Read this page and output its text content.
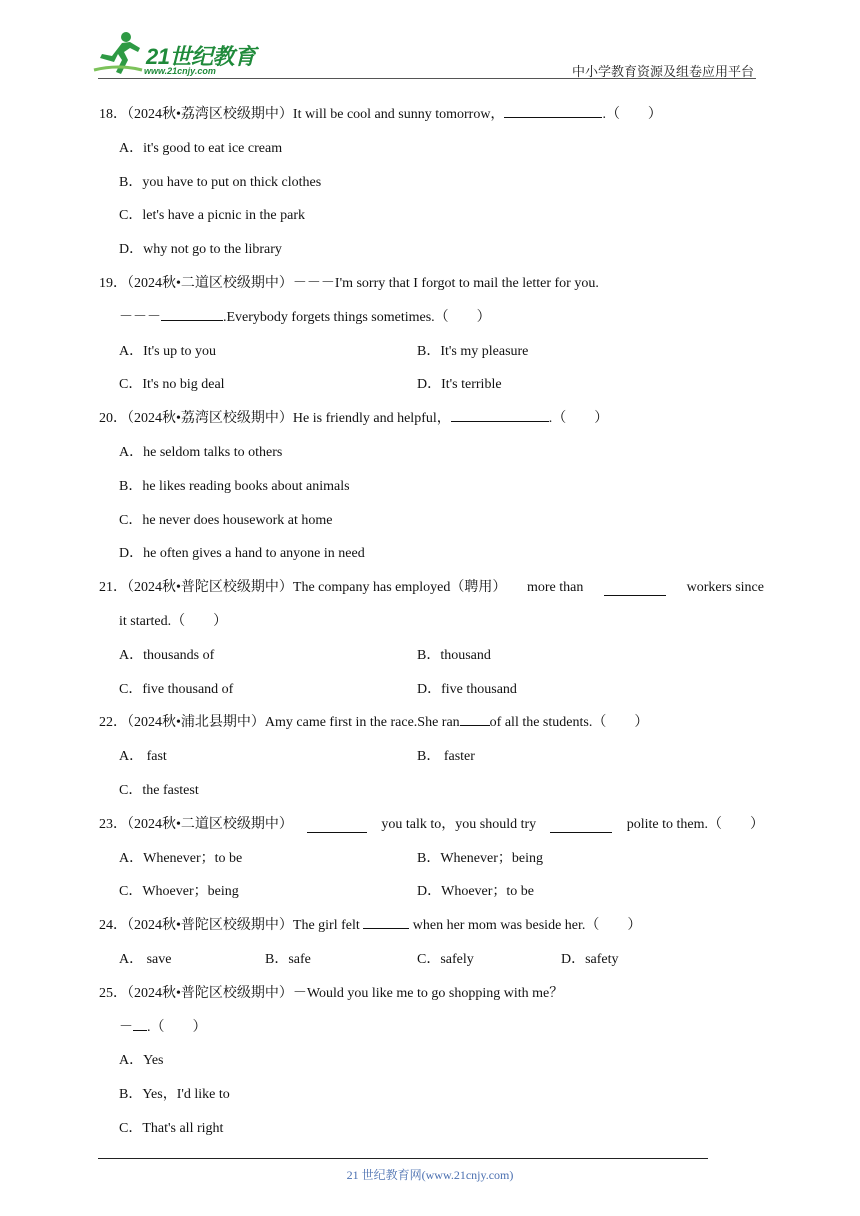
21世纪教育
www.21cnjy.com	中小学教育资源及组卷应用平台
18．（2024秋•荔湾区校级期中）It will be cool and sunny tomorrow，	.（　　）
A．it's good to eat ice cream
B．you have to put on thick clothes
C．let's have a picnic in the park
D．why not go to the library
19．（2024秋•二道区校级期中）－－－I'm sorry that I forgot to mail the letter for you.
－－－	.Everybody forgets things sometimes.（　　）
A．It's up to you	B．It's my pleasure
C．It's no big deal	D．It's terrible
20．（2024秋•荔湾区校级期中）He is friendly and helpful，	.（　　）
A．he seldom talks to others
B．he likes reading books about animals
C．he never does housework at home
D．he often gives a hand to anyone in need
21．（2024秋•普陀区校级期中）The company has employed（聘用） more than	workers since
it started.（　　）
A．thousands of	B．thousand
C．five thousand of	D．five thousand
22．（2024秋•浦北县期中）Amy came first in the race.She ran of all the students.（　　）
A． fast	B． faster
C．the fastest
23．（2024秋•二道区校级期中）	you talk to，you should try	polite to them.（　　）
A．Whenever；to be	B．Whenever；being
C．Whoever；being	D．Whoever；to be
24．（2024秋•普陀区校级期中）The girl felt	when her mom was beside her.（　　）
A． save	B．safe	C．safely	D．safety
25．（2024秋•普陀区校级期中）－Would you like me to go shopping with me？
－ .（　　）
A．Yes
B．Yes，I'd like to
C．That's all right
21 世纪教育网(www.21cnjy.com)
